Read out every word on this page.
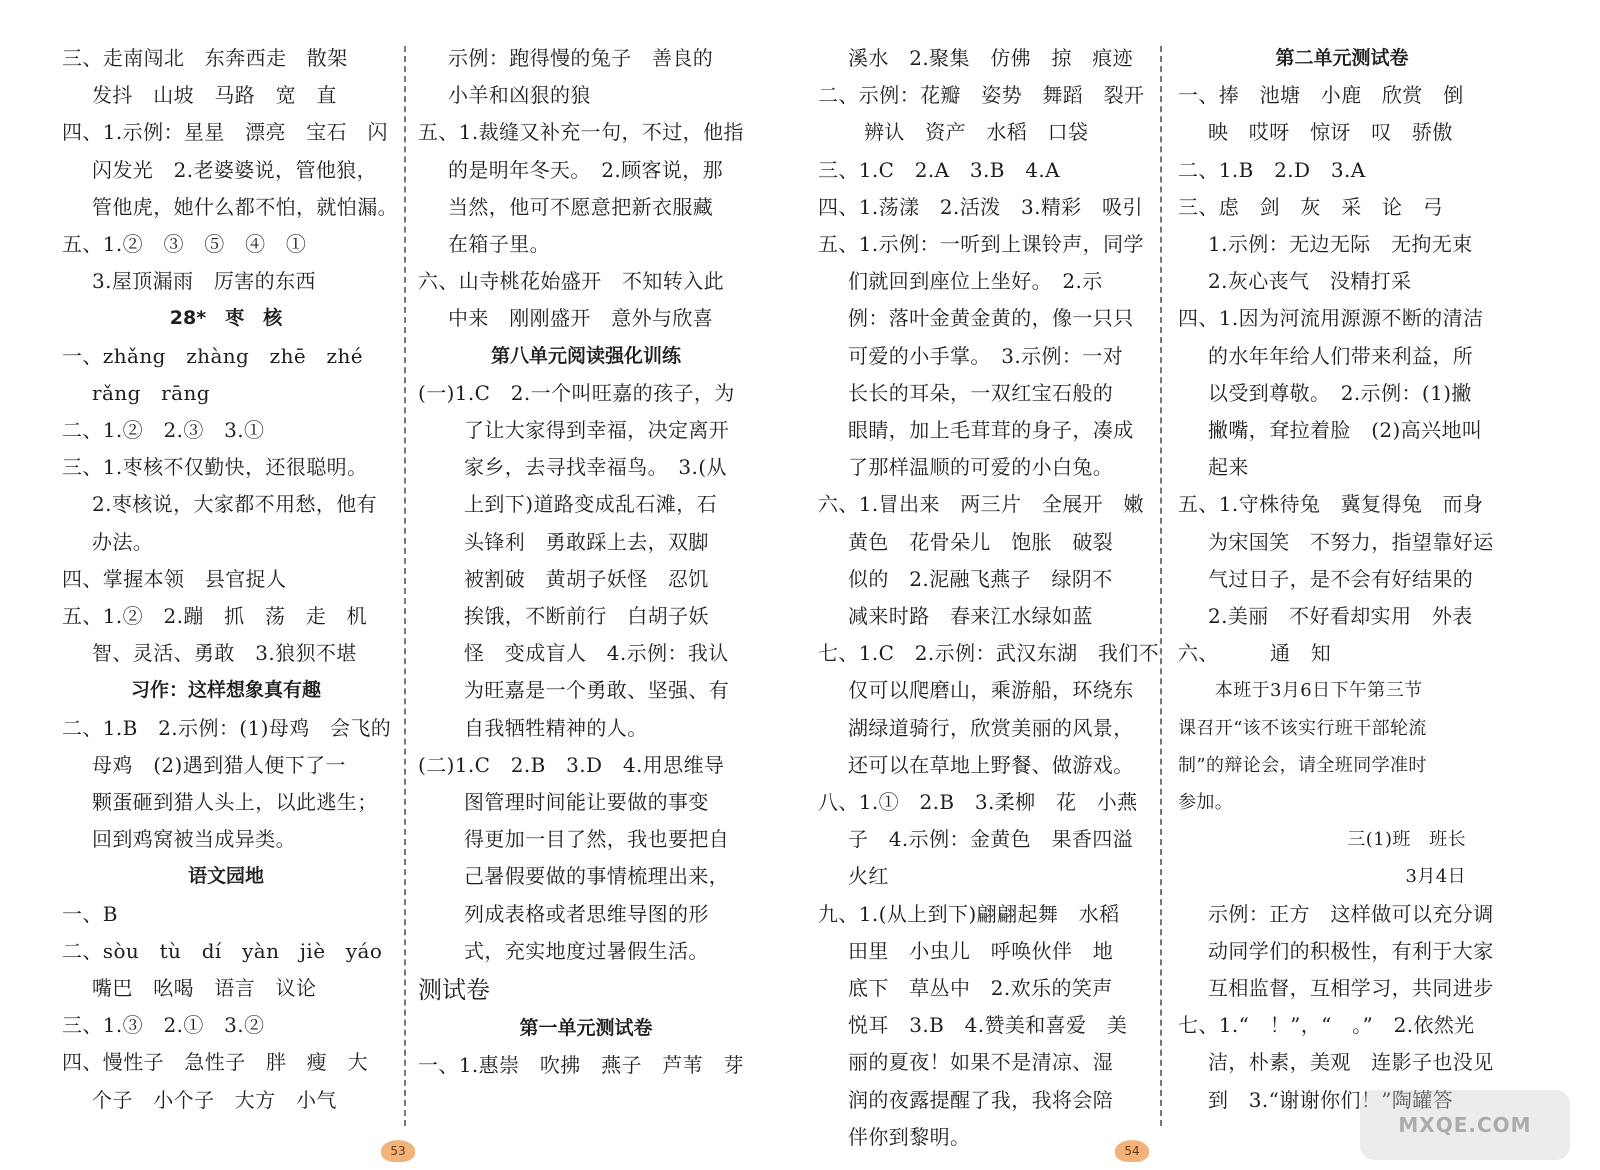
三、走南闯北　东奔西走　散架
发抖　山坡　马路　宽　直
四、1.示例：星星　漂亮　宝石　闪
闪发光　2.老婆婆说，管他狼，
管他虎，她什么都不怕，就怕漏。
五、1.②　③　⑤　④　①
3.屋顶漏雨　厉害的东西
28*　枣　核
一、zhǎng　zhàng　zhē　zhé
rǎng　rāng
二、1.②　2.③　3.①
三、1.枣核不仅勤快，还很聪明。
2.枣核说，大家都不用愁，他有
办法。
四、掌握本领　县官捉人
五、1.②　2.蹦　抓　荡　走　机
智、灵活、勇敢　3.狼狈不堪
习作：这样想象真有趣
二、1.B　2.示例：(1)母鸡　会飞的
母鸡　(2)遇到猎人便下了一
颗蛋砸到猎人头上，以此逃生；
回到鸡窝被当成异类。
语文园地
一、B
二、sòu　tù　dí　yàn　jiè　yáo
嘴巴　吆喝　语言　议论
三、1.③　2.①　3.②
四、慢性子　急性子　胖　瘦　大
个子　小个子　大方　小气
示例：跑得慢的兔子　善良的
小羊和凶狠的狼
五、1.裁缝又补充一句，不过，他指
的是明年冬天。　2.顾客说，那
当然，他可不愿意把新衣服藏
在箱子里。
六、山寺桃花始盛开　不知转入此
中来　刚刚盛开　意外与欣喜
第八单元阅读强化训练
(一)1.C　2.一个叫旺嘉的孩子，为
了让大家得到幸福，决定离开
家乡，去寻找幸福鸟。　3.(从
上到下)道路变成乱石滩，石
头锋利　勇敢踩上去，双脚
被割破　黄胡子妖怪　忍饥
挨饿，不断前行　白胡子妖
怪　变成盲人　4.示例：我认
为旺嘉是一个勇敢、坚强、有
自我牺牲精神的人。
(二)1.C　2.B　3.D　4.用思维导
图管理时间能让要做的事变
得更加一目了然，我也要把自
己暑假要做的事情梳理出来，
列成表格或者思维导图的形
式，充实地度过暑假生活。
测试卷
第一单元测试卷
一、1.惠崇　吹拂　燕子　芦苇　芽
溪水　2.聚集　仿佛　掠　痕迹
二、示例：花瓣　姿势　舞蹈　裂开
辨认　资产　水稻　口袋
三、1.C　2.A　3.B　4.A
四、1.荡漾　2.活泼　3.精彩　吸引
五、1.示例：一听到上课铃声，同学
们就回到座位上坐好。　2.示
例：落叶金黄金黄的，像一只只
可爱的小手掌。　3.示例：一对
长长的耳朵，一双红宝石般的
眼睛，加上毛茸茸的身子，凑成
了那样温顺的可爱的小白兔。
六、1.冒出来　两三片　全展开　嫩
黄色　花骨朵儿　饱胀　破裂
似的　2.泥融飞燕子　绿阴不
减来时路　春来江水绿如蓝
七、1.C　2.示例：武汉东湖　我们不
仅可以爬磨山，乘游船，环绕东
湖绿道骑行，欣赏美丽的风景，
还可以在草地上野餐、做游戏。
八、1.①　2.B　3.柔柳　花　小燕
子　4.示例：金黄色　果香四溢
火红
九、1.(从上到下)翩翩起舞　水稻
田里　小虫儿　呼唤伙伴　地
底下　草丛中　2.欢乐的笑声
悦耳　3.B　4.赞美和喜爱　美
丽的夏夜！如果不是清凉、湿
润的夜露提醒了我，我将会陪
伴你到黎明。
第二单元测试卷
一、捧　池塘　小鹿　欣赏　倒
映　哎呀　惊讶　叹　骄傲
二、1.B　2.D　3.A
三、虑　剑　灰　采　论　弓
1.示例：无边无际　无拘无束
2.灰心丧气　没精打采
四、1.因为河流用源源不断的清洁
的水年年给人们带来利益，所
以受到尊敬。　2.示例：(1)撇
撇嘴，耷拉着脸　(2)高兴地叫
起来
五、1.守株待兔　冀复得兔　而身
为宋国笑　不努力，指望靠好运
气过日子，是不会有好结果的
2.美丽　不好看却实用　外表
六、　　　通　知
　　本班于3月6日下午第三节
课召开“该不该实行班干部轮流
制”的辩论会，请全班同学准时
参加。
三(1)班　班长
3月4日
示例：正方　这样做可以充分调
动同学们的积极性，有利于大家
互相监督，互相学习，共同进步
七、1.“　！”，“　。”　2.依然光
洁，朴素，美观　连影子也没见
到　3.“谢谢你们！”陶罐答
53	54
MXQE.COM
